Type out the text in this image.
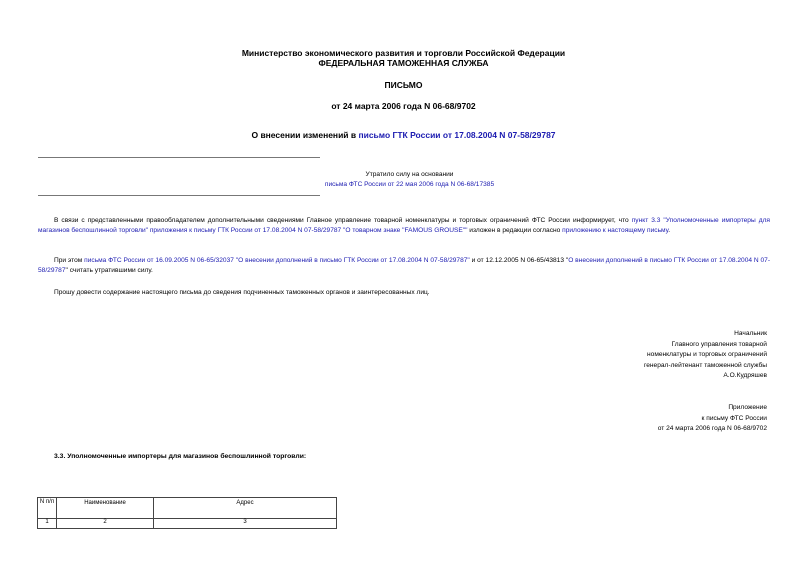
Министерство экономического развития и торговли Российской Федерации
ФЕДЕРАЛЬНАЯ ТАМОЖЕННАЯ СЛУЖБА
ПИСЬМО
от 24 марта 2006 года N 06-68/9702
О внесении изменений в письмо ГТК России от 17.08.2004 N 07-58/29787
Утратило силу на основании
письма ФТС России от 22 мая 2006 года N 06-68/17385
В связи с представленными правообладателем дополнительными сведениями Главное управление товарной номенклатуры и торговых ограничений ФТС России информирует, что пункт 3.3 "Уполномоченные импортеры для магазинов беспошлинной торговли" приложения к письму ГТК России от 17.08.2004 N 07-58/29787 "О товарном знаке "FAMOUS GROUSE"" изложен в редакции согласно приложению к настоящему письму.
При этом письма ФТС России от 16.09.2005 N 06-65/32037 "О внесении дополнений в письмо ГТК России от 17.08.2004 N 07-58/29787" и от 12.12.2005 N 06-65/43813 "О внесении дополнений в письмо ГТК России от 17.08.2004 N 07-58/29787" считать утратившими силу.
Прошу довести содержание настоящего письма до сведения подчиненных таможенных органов и заинтересованных лиц.
Начальник
Главного управления товарной
номенклатуры и торговых ограничений
генерал-лейтенант таможенной службы
А.О.Кудряшев
Приложение
к письму ФТС России
от 24 марта 2006 года N 06-68/9702
3.3. Уполномоченные импортеры для магазинов беспошлинной торговли:
N п/п	Наименование	Адрес
1	2	3
